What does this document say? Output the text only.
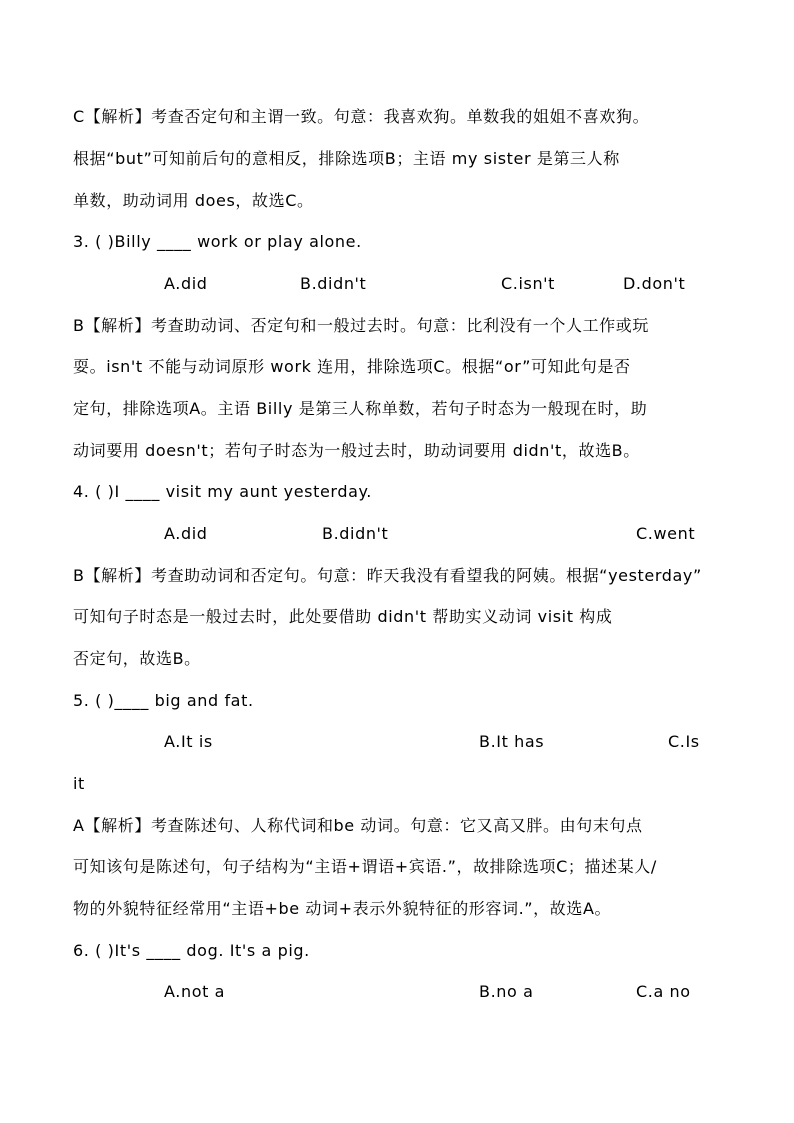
C【解析】考查否定句和主谓一致。句意：我喜欢狗。单数我的姐姐不喜欢狗。
根据“but”可知前后句的意相反，排除选项B；主语 my sister 是第三人称
单数，助动词用 does，故选C。
3. ( )Billy ____ work or play alone.
A.did	B.didn't	C.isn't	D.don't
B【解析】考查助动词、否定句和一般过去时。句意：比利没有一个人工作或玩
耍。isn't 不能与动词原形 work 连用，排除选项C。根据“or”可知此句是否
定句，排除选项A。主语 Billy 是第三人称单数，若句子时态为一般现在时，助
动词要用 doesn't；若句子时态为一般过去时，助动词要用 didn't，故选B。
4. ( )I ____ visit my aunt yesterday.
A.did	B.didn't	C.went
B【解析】考查助动词和否定句。句意：昨天我没有看望我的阿姨。根据“yesterday”
可知句子时态是一般过去时，此处要借助 didn't 帮助实义动词 visit 构成
否定句，故选B。
5. ( )____ big and fat.
A.It is	B.It has	C.Is
it
A【解析】考查陈述句、人称代词和be 动词。句意：它又高又胖。由句末句点
可知该句是陈述句，句子结构为“主语+谓语+宾语.”，故排除选项C；描述某人/
物的外貌特征经常用“主语+be 动词+表示外貌特征的形容词.”，故选A。
6. ( )It's ____ dog. It's a pig.
A.not a	B.no a	C.a no
